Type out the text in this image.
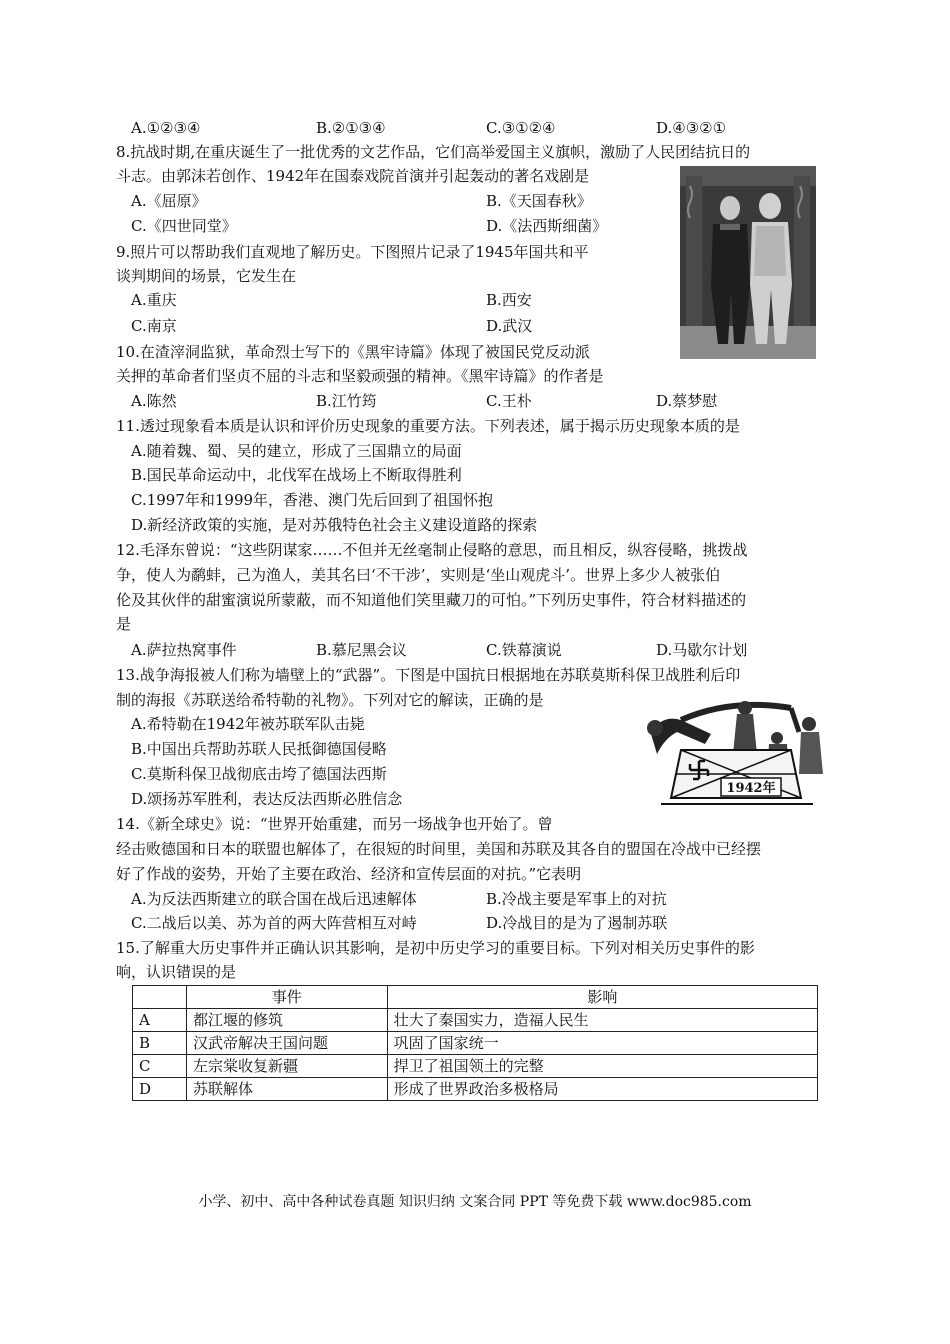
A.①②③④	B.②①③④	C.③①②④	D.④③②①
8.抗战时期,在重庆诞生了一批优秀的文艺作品，它们高举爱国主义旗帜，激励了人民团结抗日的
斗志。由郭沫若创作、1942年在国泰戏院首演并引起轰动的著名戏剧是
A.《屈原》	B.《天国春秋》
C.《四世同堂》	D.《法西斯细菌》
9.照片可以帮助我们直观地了解历史。下图照片记录了1945年国共和平
谈判期间的场景，它发生在
A.重庆	B.西安
C.南京	D.武汉
10.在渣滓洞监狱，革命烈士写下的《黑牢诗篇》体现了被国民党反动派
关押的革命者们坚贞不屈的斗志和坚毅顽强的精神。《黑牢诗篇》的作者是
A.陈然	B.江竹筠	C.王朴	D.蔡梦慰
11.透过现象看本质是认识和评价历史现象的重要方法。下列表述，属于揭示历史现象本质的是
A.随着魏、蜀、吴的建立，形成了三国鼎立的局面
B.国民革命运动中，北伐军在战场上不断取得胜利
C.1997年和1999年，香港、澳门先后回到了祖国怀抱
D.新经济政策的实施，是对苏俄特色社会主义建设道路的探索
12.毛泽东曾说：“这些阴谋家……不但并无丝毫制止侵略的意思，而且相反，纵容侵略，挑拨战
争，使人为鹬蚌，己为渔人，美其名曰‘不干涉’，实则是‘坐山观虎斗’。世界上多少人被张伯
伦及其伙伴的甜蜜演说所蒙蔽，而不知道他们笑里藏刀的可怕。”下列历史事件，符合材料描述的
是
A.萨拉热窝事件	B.慕尼黑会议	C.铁幕演说	D.马歇尔计划
13.战争海报被人们称为墙壁上的“武器”。下图是中国抗日根据地在苏联莫斯科保卫战胜利后印
制的海报《苏联送给希特勒的礼物》。下列对它的解读，正确的是
A.希特勒在1942年被苏联军队击毙
B.中国出兵帮助苏联人民抵御德国侵略
C.莫斯科保卫战彻底击垮了德国法西斯
D.颂扬苏军胜利，表达反法西斯必胜信念
1942年
14.《新全球史》说：“世界开始重建，而另一场战争也开始了。曾
经击败德国和日本的联盟也解体了，在很短的时间里，美国和苏联及其各自的盟国在冷战中已经摆
好了作战的姿势，开始了主要在政治、经济和宣传层面的对抗。”它表明
A.为反法西斯建立的联合国在战后迅速解体	B.冷战主要是军事上的对抗
C.二战后以美、苏为首的两大阵营相互对峙	D.冷战目的是为了遏制苏联
15.了解重大历史事件并正确认识其影响，是初中历史学习的重要目标。下列对相关历史事件的影
响，认识错误的是
	事件	影响
A	都江堰的修筑	壮大了秦国实力，造福人民生
B	汉武帝解决王国问题	巩固了国家统一
C	左宗棠收复新疆	捍卫了祖国领土的完整
D	苏联解体	形成了世界政治多极格局
小学、初中、高中各种试卷真题 知识归纳 文案合同 PPT 等免费下载 www.doc985.com
